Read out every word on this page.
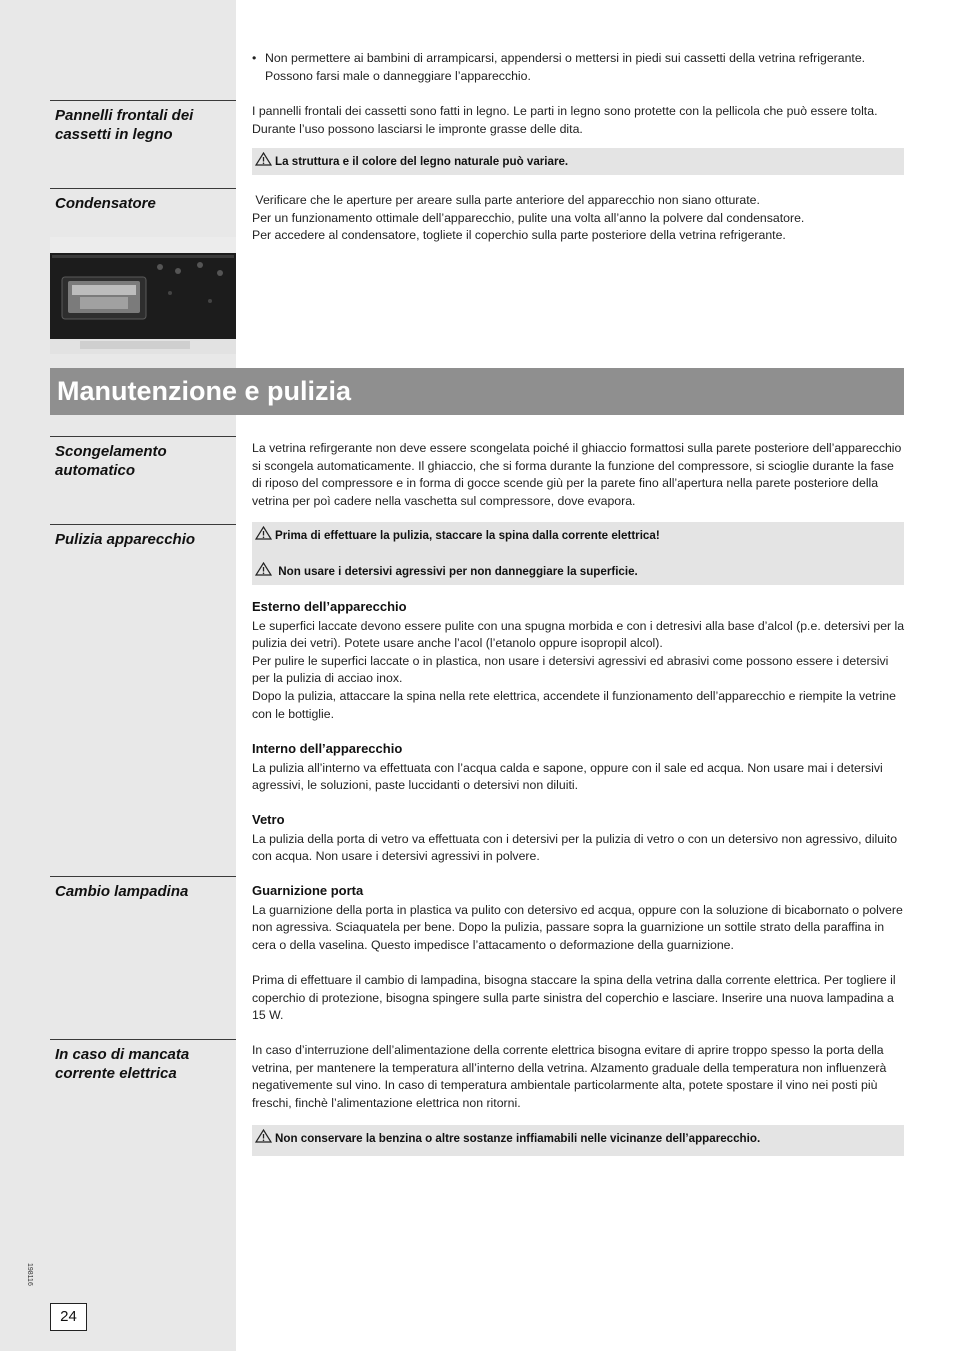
• Non permettere ai bambini di arrampicarsi, appendersi o mettersi in piedi sui cassetti della vetrina refrigerante. Possono farsi male o danneggiare l’apparecchio.
Pannelli frontali dei cassetti in legno
I pannelli frontali dei cassetti sono fatti in legno. Le parti in legno sono protette con la pellicola che può essere tolta. Durante l’uso possono lasciarsi le impronte grasse delle dita.
La struttura e il colore del legno naturale può variare.
Condensatore	Verificare che le aperture per areare sulla parte anteriore del apparecchio non siano otturate.

Per un funzionamento ottimale dell’apparecchio, pulite una volta all’anno la polvere dal condensatore.

Per accedere al condensatore, togliete il coperchio sulla parte posteriore della vetrina refrigerante.

Manutenzione e pulizia
Scongelamento automatico
La vetrina refirgerante non deve essere scongelata poiché il ghiaccio formattosi sulla parete posteriore dell’apparecchio si scongela automaticamente. Il ghiaccio, che si forma durante la funzione del compressore, si scioglie durante la fase di riposo del compressore e in forma di gocce scende giù per la parete fino all’apertura nella parete posteriore della vetrina per poì cadere nella vaschetta sul compressore, dove evapora.
Pulizia apparecchio	Prima di effettuare la pulizia, staccare la spina dalla corrente elettrica!
Non usare i detersivi agressivi per non danneggiare la superficie.
Esterno dell’apparecchio

Le superfici laccate devono essere pulite con una spugna morbida e con i detresivi alla base d’alcol (p.e. detersivi per la pulizia dei vetri). Potete usare anche l’acol (l’etanolo oppure isopropil alcol).

Per pulire le superfici laccate o in plastica, non usare i detersivi agressivi ed abrasivi come possono essere i detersivi per la pulizia di acciao inox.

Dopo la pulizia, attaccare la spina nella rete elettrica, accendete il funzionamento dell’apparecchio e riempite la vetrine con le bottiglie.

Interno dell’apparecchio

La pulizia all’interno va effettuata con l’acqua calda e sapone, oppure con il sale ed acqua. Non usare mai i detersivi agressivi, le soluzioni, paste luccidanti o detersivi non diluiti.

Vetro

La pulizia della porta di vetro va effettuata con i detersivi per la pulizia di vetro o con un detersivo non agressivo, diluito con acqua. Non usare i detersivi agressivi in polvere.

Cambio lampadina	Guarnizione porta

La guarnizione della porta in plastica va pulito con detersivo ed acqua, oppure con la soluzione di bicabornato o polvere non agressiva. Sciaquatela per bene. Dopo la pulizia, passare sopra la guarnizione un sottile strato della paraffina in cera o della vaselina. Questo impedisce l’attacamento o deformazione della guarnizione.

Prima di effettuare il cambio di lampadina, bisogna staccare la spina della vetrina dalla corrente elettrica. Per togliere il coperchio di protezione, bisogna spingere sulla parte sinistra del coperchio e lasciare. Inserire una nuova lampadina a 15 W.
In caso di mancata corrente elettrica
In caso d’interruzione dell’alimentazione della corrente elettrica bisogna evitare di aprire troppo spesso la porta della vetrina, per mantenere la temperatura all’interno della vetrina. Alzamento graduale della temperatura non influenzerà negativemente sul vino. In caso di temperatura ambientale particolarmente alta, potete spostare il vino nei posti più freschi, finchè l’alimentazione elettrica non ritorni.
Non conservare la benzina o altre sostanze inffiamabili nelle vicinanze dell’apparecchio.
198116
24
